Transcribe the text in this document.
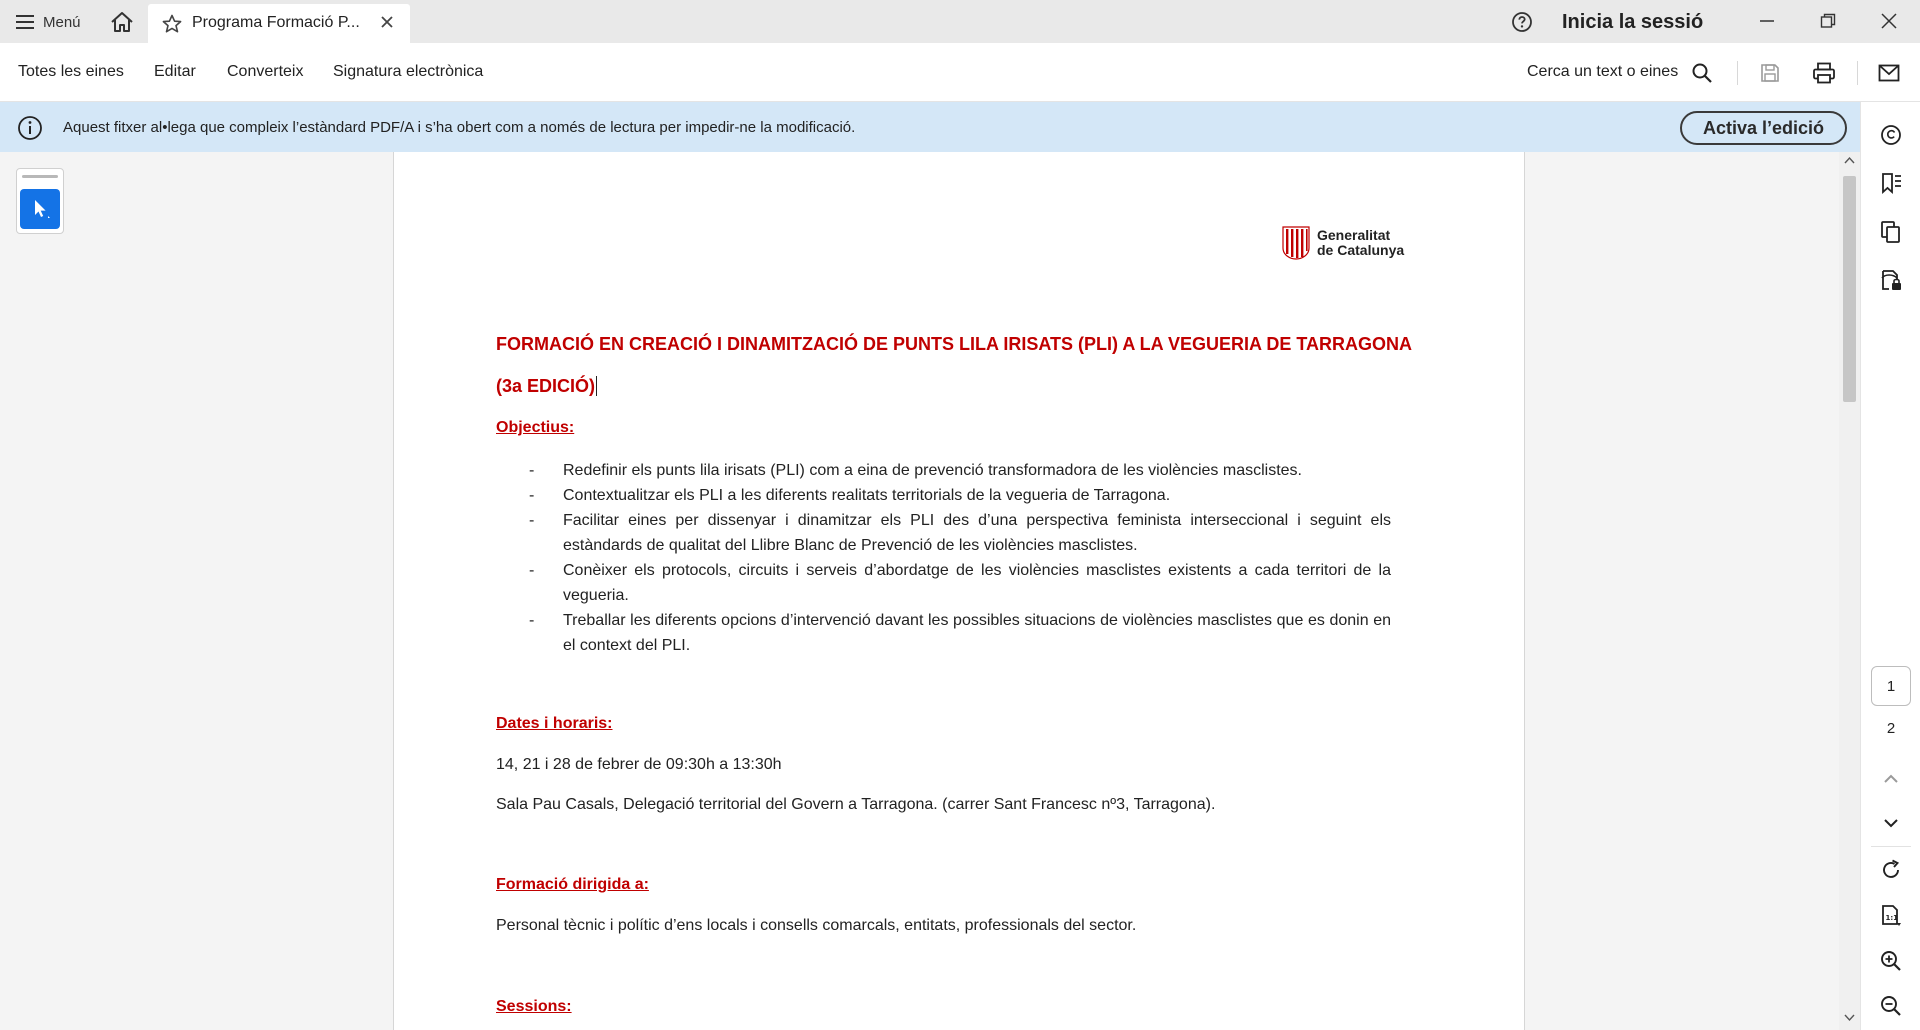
Menú	Programa Formació P...	Inicia la sessió
Totes les eines Editar Converteix Signatura electrònica	Cerca un text o eines
Aquest fitxer al•lega que compleix l’estàndard PDF/A i s’ha obert com a només de lectura per impedir-ne la modificació.	Activa l’edició
Generalitat
de Catalunya
FORMACIÓ EN CREACIÓ I DINAMITZACIÓ DE PUNTS LILA IRISATS (PLI) A LA VEGUERIA DE TARRAGONA
(3a EDICIÓ)
Objectius:
- Redefinir els punts lila irisats (PLI) com a eina de prevenció transformadora de les violències masclistes.
- Contextualitzar els PLI a les diferents realitats territorials de la vegueria de Tarragona.
- Facilitar eines per dissenyar i dinamitzar els PLI des d’una perspectiva feminista interseccional i seguint els estàndards de qualitat del Llibre Blanc de Prevenció de les violències masclistes.
- Conèixer els protocols, circuits i serveis d’abordatge de les violències masclistes existents a cada territori de la vegueria.
- Treballar les diferents opcions d’intervenció davant les possibles situacions de violències masclistes que es donin en el context del PLI.
Dates i horaris:
14, 21 i 28 de febrer de 09:30h a 13:30h
Sala Pau Casals, Delegació territorial del Govern a Tarragona. (carrer Sant Francesc nº3, Tarragona).
Formació dirigida a:
Personal tècnic i polític d’ens locals i consells comarcals, entitats, professionals del sector.
Sessions:
1
2
1:1
